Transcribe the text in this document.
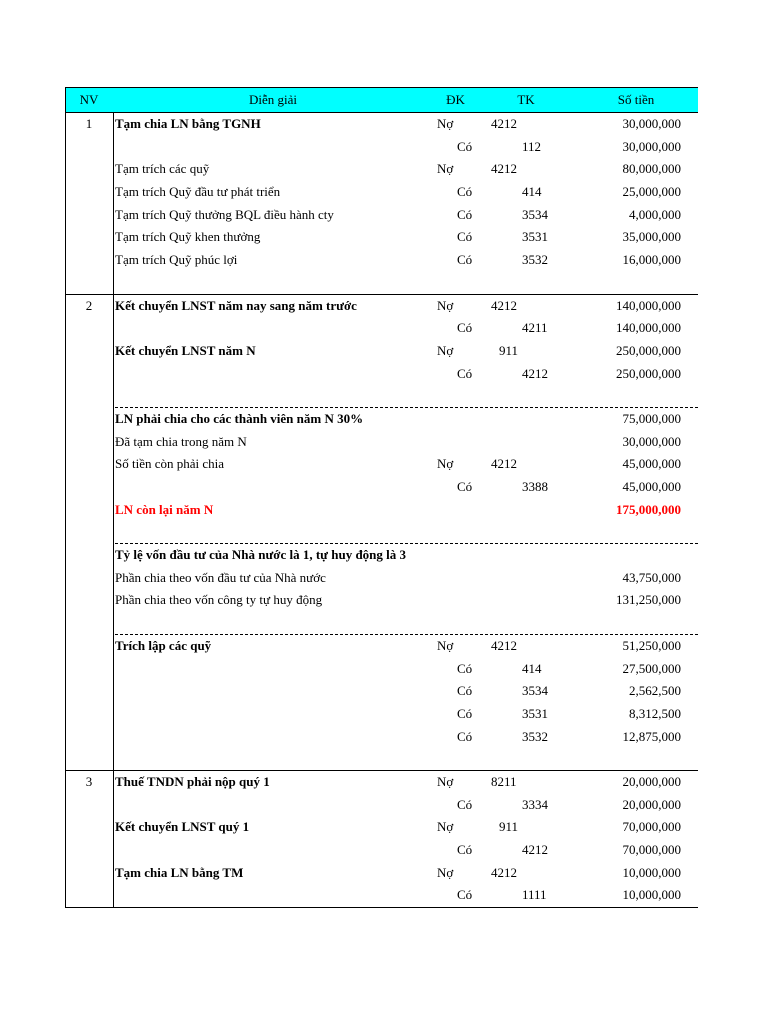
NV	Diễn giải	ĐK	TK	Số tiền
1	Tạm chia LN bằng TGNH	Nợ	4212	30,000,000
Có	112	30,000,000
Tạm trích các quỹ	Nợ	4212	80,000,000
Tạm trích Quỹ đầu tư phát triển	Có	414	25,000,000
Tạm trích Quỹ thưởng BQL điều hành cty	Có	3534	4,000,000
Tạm trích Quỹ khen thưởng	Có	3531	35,000,000
Tạm trích Quỹ phúc lợi	Có	3532	16,000,000
2	Kết chuyển LNST năm nay sang năm trước	Nợ	4212	140,000,000
Có	4211	140,000,000
Kết chuyển LNST năm N	Nợ	911	250,000,000
Có	4212	250,000,000
LN phải chia cho các thành viên năm N 30%	75,000,000
Đã tạm chia trong năm N	30,000,000
Số tiền còn phải chia	Nợ	4212	45,000,000
Có	3388	45,000,000
LN còn lại năm N	175,000,000
Tỷ lệ vốn đầu tư của Nhà nước là 1, tự huy động là 3
Phần chia theo vốn đầu tư của Nhà nước	43,750,000
Phần chia theo vốn công ty tự huy động	131,250,000
Trích lập các quỹ	Nợ	4212	51,250,000
Có	414	27,500,000
Có	3534	2,562,500
Có	3531	8,312,500
Có	3532	12,875,000
3	Thuế TNDN phải nộp quý 1	Nợ	8211	20,000,000
Có	3334	20,000,000
Kết chuyển LNST quý 1	Nợ	911	70,000,000
Có	4212	70,000,000
Tạm chia LN bằng TM	Nợ	4212	10,000,000
Có	1111	10,000,000
